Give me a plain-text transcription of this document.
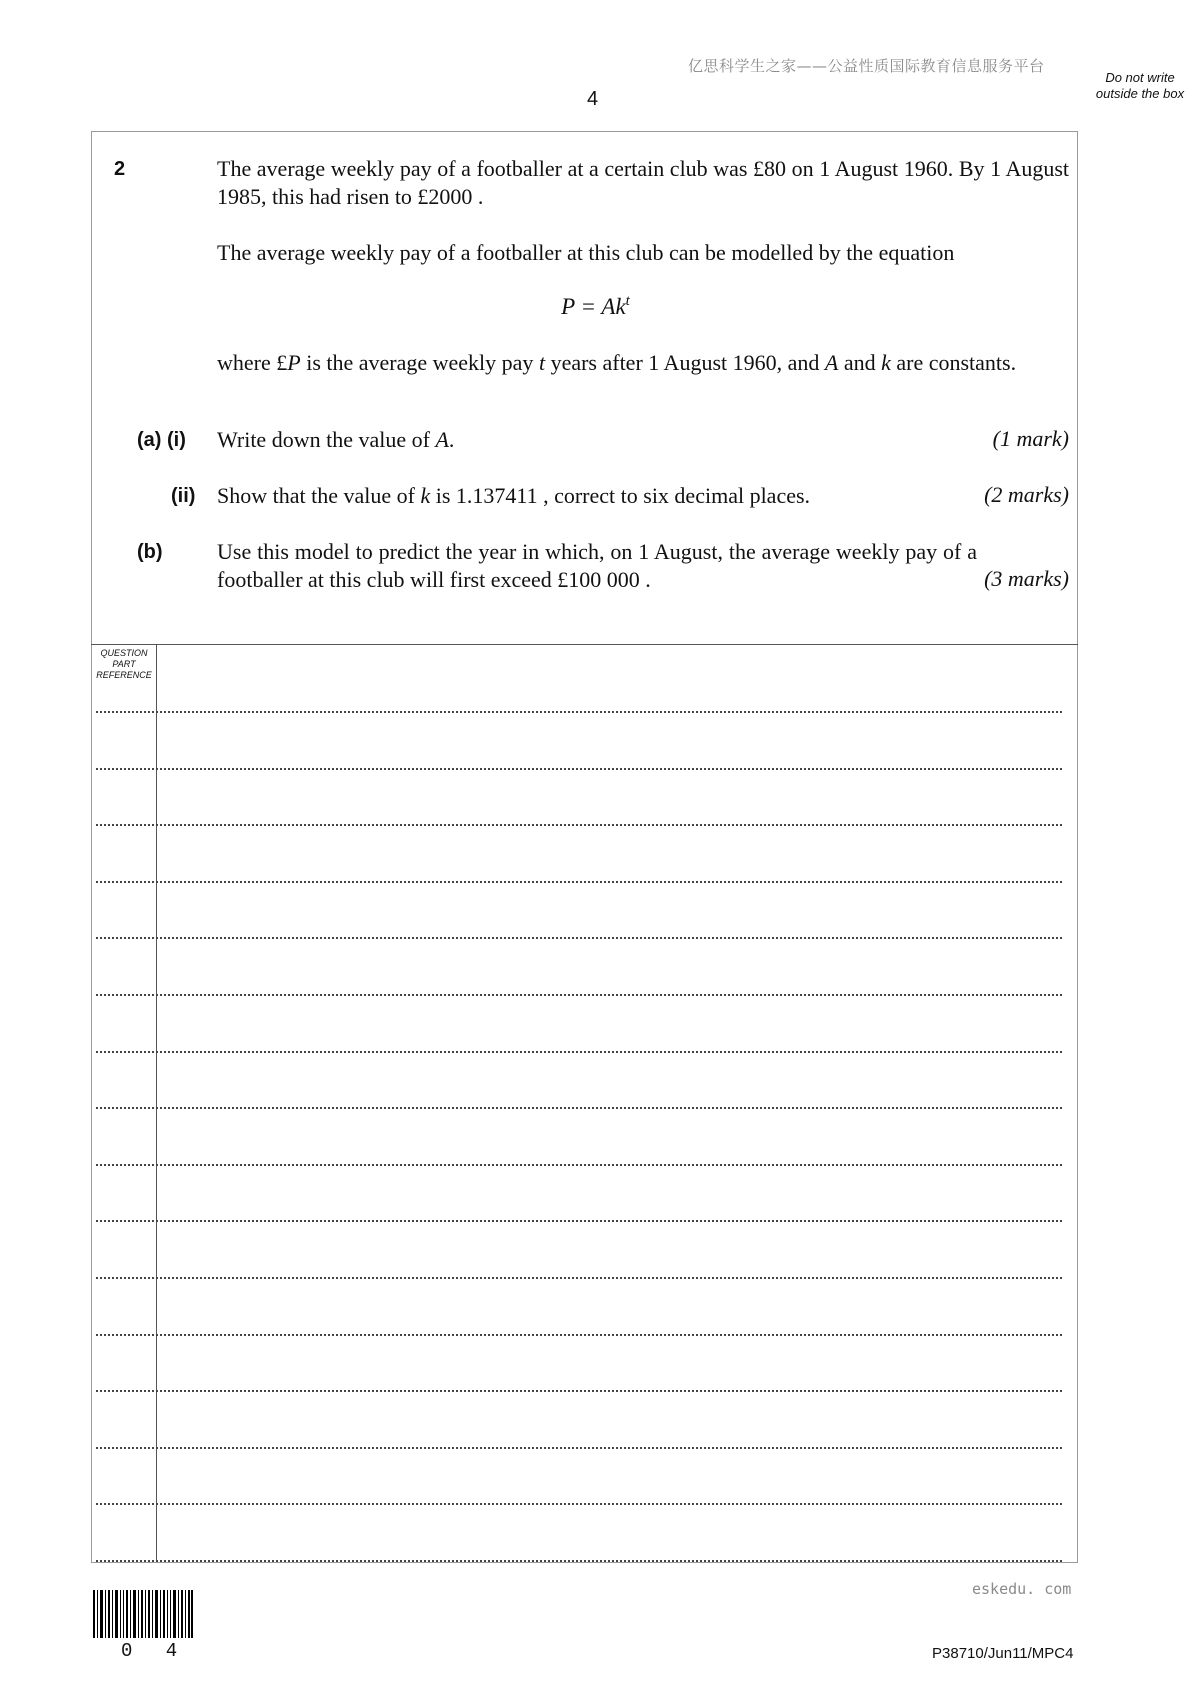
亿思科学生之家——公益性质国际教育信息服务平台
4
Do not write outside the box
2	The average weekly pay of a footballer at a certain club was £80 on 1 August 1960. By 1 August 1985, this had risen to £2000 .
The average weekly pay of a footballer at this club can be modelled by the equation
$P = Ak^t$
where £P is the average weekly pay t years after 1 August 1960, and A and k are constants.
(a) (i) Write down the value of A.	(1 mark)
(ii) Show that the value of k is 1.137411 , correct to six decimal places.	(2 marks)
(b) Use this model to predict the year in which, on 1 August, the average weekly pay of a footballer at this club will first exceed £100 000 .	(3 marks)
QUESTION PART REFERENCE
0 4
eskedu. com
P38710/Jun11/MPC4
